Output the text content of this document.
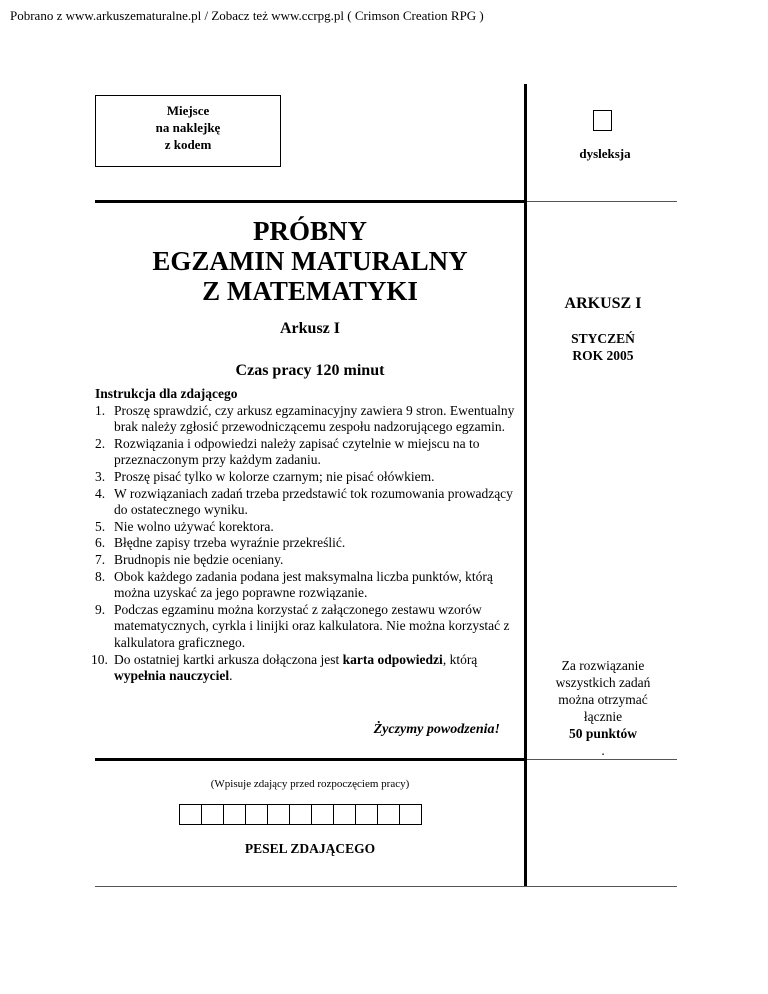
Pobrano z www.arkuszematuralne.pl / Zobacz też www.ccrpg.pl ( Crimson Creation RPG )
Miejsce
na naklejkę
z kodem
dysleksja
PRÓBNY
EGZAMIN MATURALNY
Z MATEMATYKI
Arkusz I
Czas pracy 120 minut
Instrukcja dla zdającego
1. Proszę sprawdzić, czy arkusz egzaminacyjny zawiera 9 stron. Ewentualny brak należy zgłosić przewodniczącemu zespołu nadzorującego egzamin.
2. Rozwiązania i odpowiedzi należy zapisać czytelnie w miejscu na to przeznaczonym przy każdym zadaniu.
3. Proszę pisać tylko w kolorze czarnym; nie pisać ołówkiem.
4. W rozwiązaniach zadań trzeba przedstawić tok rozumowania prowadzący do ostatecznego wyniku.
5. Nie wolno używać korektora.
6. Błędne zapisy trzeba wyraźnie przekreślić.
7. Brudnopis nie będzie oceniany.
8. Obok każdego zadania podana jest maksymalna liczba punktów, którą można uzyskać za jego poprawne rozwiązanie.
9. Podczas egzaminu można korzystać z załączonego zestawu wzorów matematycznych, cyrkla i linijki oraz kalkulatora. Nie można korzystać z kalkulatora graficznego.
10. Do ostatniej kartki arkusza dołączona jest karta odpowiedzi, którą wypełnia nauczyciel.
Życzymy powodzenia!
ARKUSZ I
STYCZEŃ
ROK 2005
Za rozwiązanie
wszystkich zadań
można otrzymać
łącznie
50 punktów
.
(Wpisuje zdający przed rozpoczęciem pracy)
PESEL ZDAJĄCEGO
